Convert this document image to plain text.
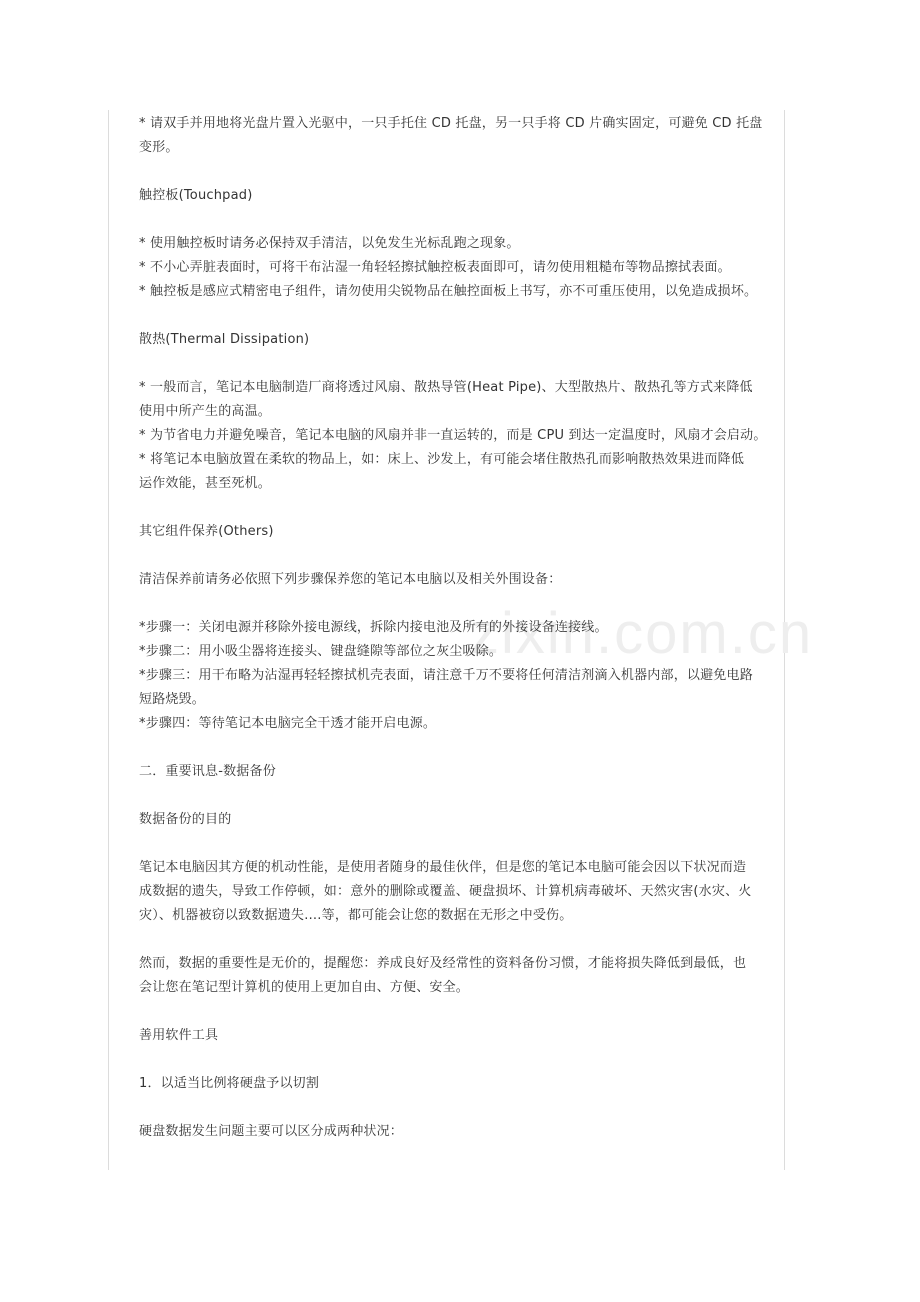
zixin.com.cn

* 请双手并用地将光盘片置入光驱中，一只手托住 CD 托盘，另一只手将 CD 片确实固定，可避免 CD 托盘

变形。

触控板(Touchpad)

* 使用触控板时请务必保持双手清洁，以免发生光标乱跑之现象。

* 不小心弄脏表面时，可将干布沾湿一角轻轻擦拭触控板表面即可，请勿使用粗糙布等物品擦拭表面。

* 触控板是感应式精密电子组件，请勿使用尖锐物品在触控面板上书写，亦不可重压使用，以免造成损坏。

散热(Thermal Dissipation)

* 一般而言，笔记本电脑制造厂商将透过风扇、散热导管(Heat Pipe)、大型散热片、散热孔等方式来降低

使用中所产生的高温。

* 为节省电力并避免噪音，笔记本电脑的风扇并非一直运转的，而是 CPU 到达一定温度时，风扇才会启动。

* 将笔记本电脑放置在柔软的物品上，如：床上、沙发上，有可能会堵住散热孔而影响散热效果进而降低

运作效能，甚至死机。

其它组件保养(Others)

清洁保养前请务必依照下列步骤保养您的笔记本电脑以及相关外围设备：

*步骤一：关闭电源并移除外接电源线，拆除内接电池及所有的外接设备连接线。

*步骤二：用小吸尘器将连接头、键盘缝隙等部位之灰尘吸除。

*步骤三：用干布略为沾湿再轻轻擦拭机壳表面，请注意千万不要将任何清洁剂滴入机器内部，以避免电路

短路烧毁。

*步骤四：等待笔记本电脑完全干透才能开启电源。

二．重要讯息-数据备份

数据备份的目的

笔记本电脑因其方便的机动性能，是使用者随身的最佳伙伴，但是您的笔记本电脑可能会因以下状况而造

成数据的遗失，导致工作停顿，如：意外的删除或覆盖、硬盘损坏、计算机病毒破坏、天然灾害(水灾、火

灾）、机器被窃以致数据遗失….等，都可能会让您的数据在无形之中受伤。

然而，数据的重要性是无价的，提醒您：养成良好及经常性的资料备份习惯，才能将损失降低到最低，也

会让您在笔记型计算机的使用上更加自由、方便、安全。

善用软件工具

1．以适当比例将硬盘予以切割

硬盘数据发生问题主要可以区分成两种状况：
